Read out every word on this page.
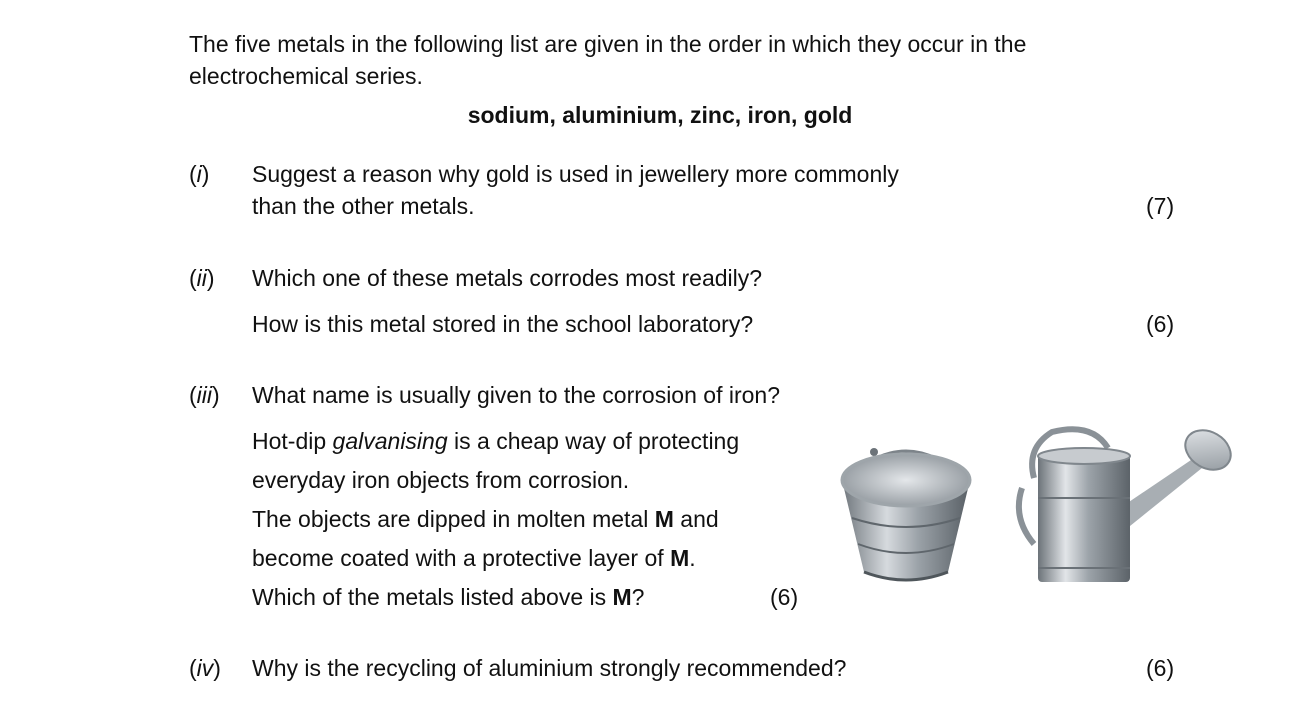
The five metals in the following list are given in the order in which they occur in the
electrochemical series.
sodium, aluminium, zinc, iron, gold
(i) Suggest a reason why gold is used in jewellery more commonly
than the other metals.	(7)
(ii) Which one of these metals corrodes most readily?
How is this metal stored in the school laboratory?	(6)
(iii) What name is usually given to the corrosion of iron?
Hot-dip galvanising is a cheap way of protecting
everyday iron objects from corrosion.
The objects are dipped in molten metal M and
become coated with a protective layer of M.
Which of the metals listed above is M?	(6)
(iv) Why is the recycling of aluminium strongly recommended?	(6)
